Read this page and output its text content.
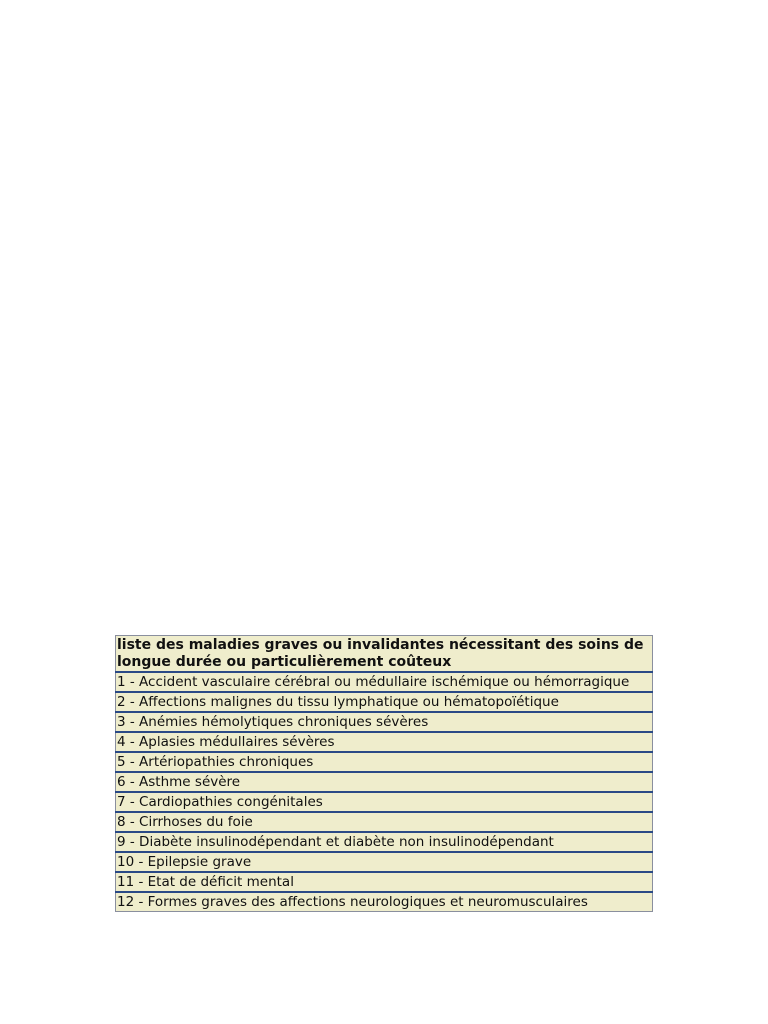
liste des maladies graves ou invalidantes nécessitant des soins de longue durée ou particulièrement coûteux
1 - Accident vasculaire cérébral ou médullaire ischémique ou hémorragique
2 - Affections malignes du tissu lymphatique ou hématopoïétique
3 - Anémies hémolytiques chroniques sévères
4 - Aplasies médullaires sévères
5 - Artériopathies chroniques
6 - Asthme sévère
7 - Cardiopathies congénitales
8 - Cirrhoses du foie
9 - Diabète insulinodépendant et diabète non insulinodépendant
10 - Epilepsie grave
11 - Etat de déficit mental
12 - Formes graves des affections neurologiques et neuromusculaires
